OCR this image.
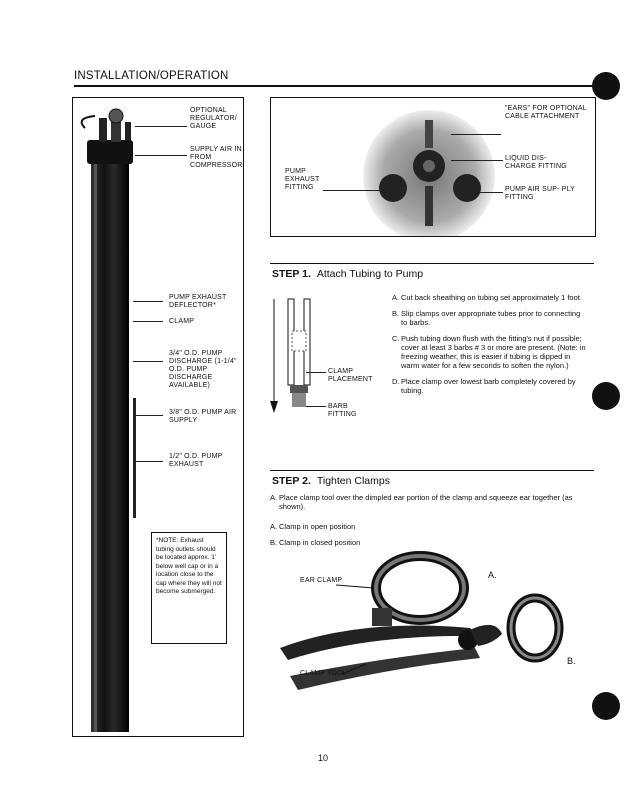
INSTALLATION/OPERATION
OPTIONAL REGULATOR/ GAUGE
SUPPLY AIR IN FROM COMPRESSOR
PUMP EXHAUST DEFLECTOR*
CLAMP
3/4" O.D. PUMP DISCHARGE (1-1/4" O.D. PUMP DISCHARGE AVAILABLE)
3/8" O.D. PUMP AIR SUPPLY
1/2" O.D. PUMP EXHAUST
*NOTE: Exhaust tubing outlets should be located approx. 1' below well cap or in a location close to the cap where they will not become submerged.
"EARS" FOR OPTIONAL CABLE ATTACHMENT
LIQUID DIS- CHARGE FITTING
PUMP EXHAUST FITTING	PUMP AIR SUP- PLY FITTING
STEP 1. Attach Tubing to Pump
CLAMP PLACEMENT
BARB FITTING
A. Cut back sheathing on tubing set approximately 1 foot.
B. Slip clamps over appropriate tubes prior to connecting to barbs.
C. Push tubing down flush with the fitting's nut if possible; cover at least 3 barbs # 3 or more are present. (Note: in freezing weather, this is easier if tubing is dipped in warm water for a few seconds to soften the nylon.)
D. Place clamp over lowest barb completely covered by tubing.
STEP 2. Tighten Clamps
A. Place clamp tool over the dimpled ear portion of the clamp and squeeze ear together (as shown).
A. Clamp in open position
B. Clamp in closed position
EAR CLAMP
A.
CLAMP TOOL
B.
10
